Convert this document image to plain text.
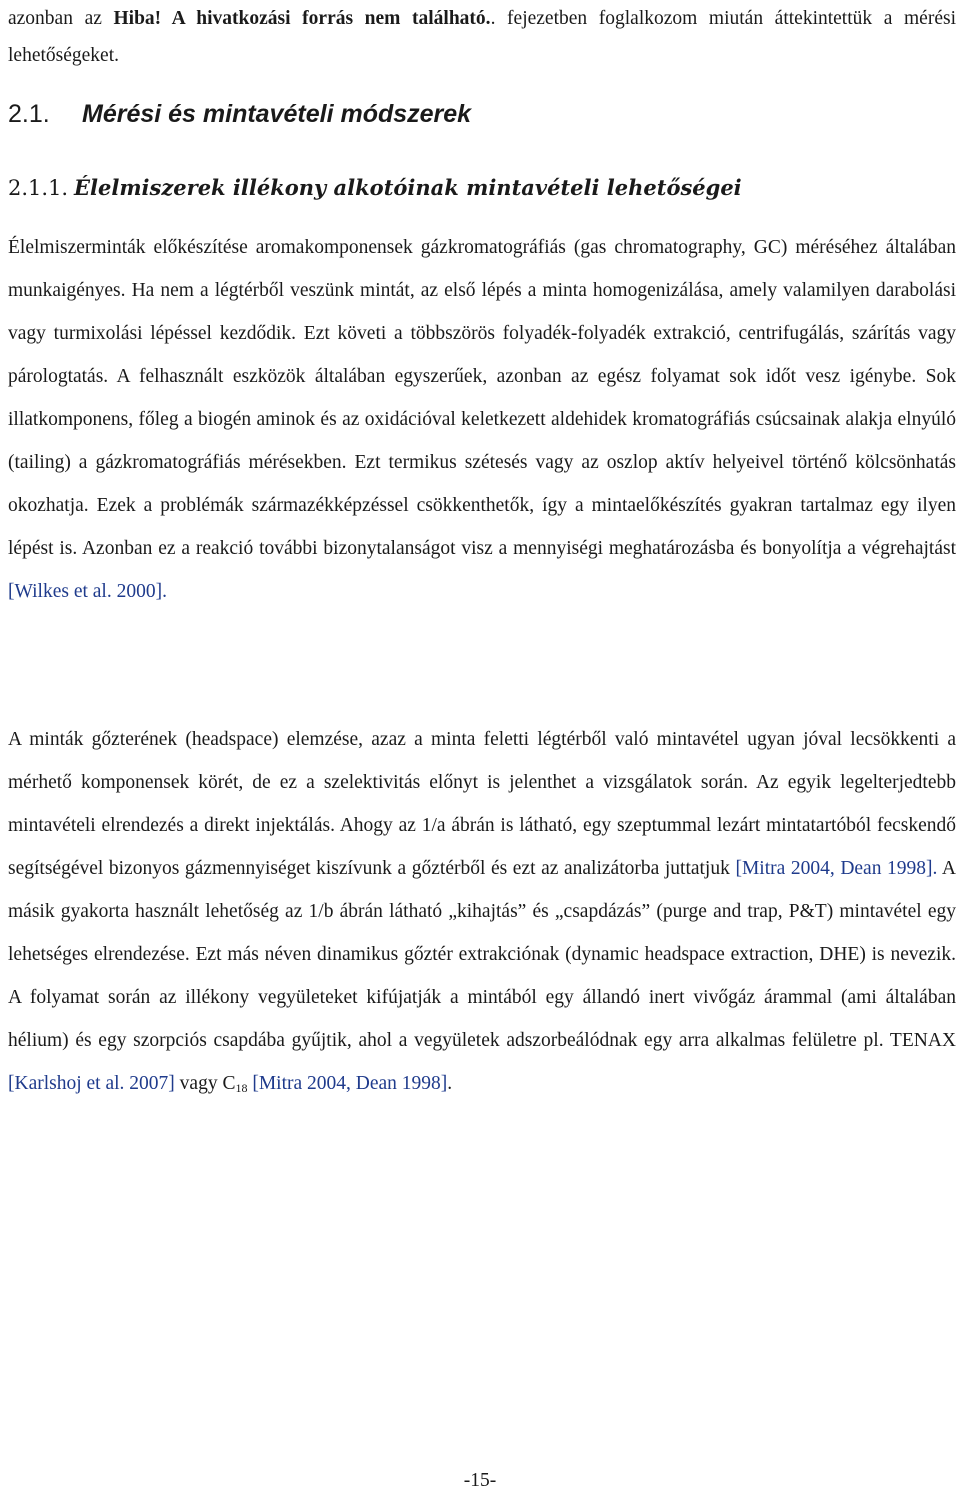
azonban az Hiba! A hivatkozási forrás nem található.. fejezetben foglalkozom miután áttekintettük a mérési lehetőségeket.

2.1. Mérési és mintavételi módszerek
2.1.1. Élelmiszerek illékony alkotóinak mintavételi lehetőségei

Élelmiszerminták előkészítése aromakomponensek gázkromatográfiás (gas chromatography, GC) méréséhez általában munkaigényes. Ha nem a légtérből veszünk mintát, az első lépés a minta homogenizálása, amely valamilyen darabolási vagy turmixolási lépéssel kezdődik. Ezt követi a többszörös folyadék-folyadék extrakció, centrifugálás, szárítás vagy párologtatás. A felhasznált eszközök általában egyszerűek, azonban az egész folyamat sok időt vesz igénybe. Sok illatkomponens, főleg a biogén aminok és az oxidációval keletkezett aldehidek kromatográfiás csúcsainak alakja elnyúló (tailing) a gázkromatográfiás mérésekben. Ezt termikus szétesés vagy az oszlop aktív helyeivel történő kölcsönhatás okozhatja. Ezek a problémák származékképzéssel csökkenthetők, így a mintaelőkészítés gyakran tartalmaz egy ilyen lépést is. Azonban ez a reakció további bizonytalanságot visz a mennyiségi meghatározásba és bonyolítja a végrehajtást [Wilkes et al. 2000].

A minták gőzterének (headspace) elemzése, azaz a minta feletti légtérből való mintavétel ugyan jóval lecsökkenti a mérhető komponensek körét, de ez a szelektivitás előnyt is jelenthet a vizsgálatok során. Az egyik legelterjedtebb mintavételi elrendezés a direkt injektálás. Ahogy az 1/a ábrán is látható, egy szeptummal lezárt mintatartóból fecskendő segítségével bizonyos gázmennyiséget kiszívunk a gőztérből és ezt az analizátorba juttatjuk [Mitra 2004, Dean 1998]. A másik gyakorta használt lehetőség az 1/b ábrán látható „kihajtás” és „csapdázás” (purge and trap, P&T) mintavétel egy lehetséges elrendezése. Ezt más néven dinamikus gőztér extrakciónak (dynamic headspace extraction, DHE) is nevezik. A folyamat során az illékony vegyületeket kifújatják a mintából egy állandó inert vivőgáz árammal (ami általában hélium) és egy szorpciós csapdába gyűjtik, ahol a vegyületek adszorbeálódnak egy arra alkalmas felületre pl. TENAX [Karlshoj et al. 2007] vagy $C_{18}$ [Mitra 2004, Dean 1998].

-15-
